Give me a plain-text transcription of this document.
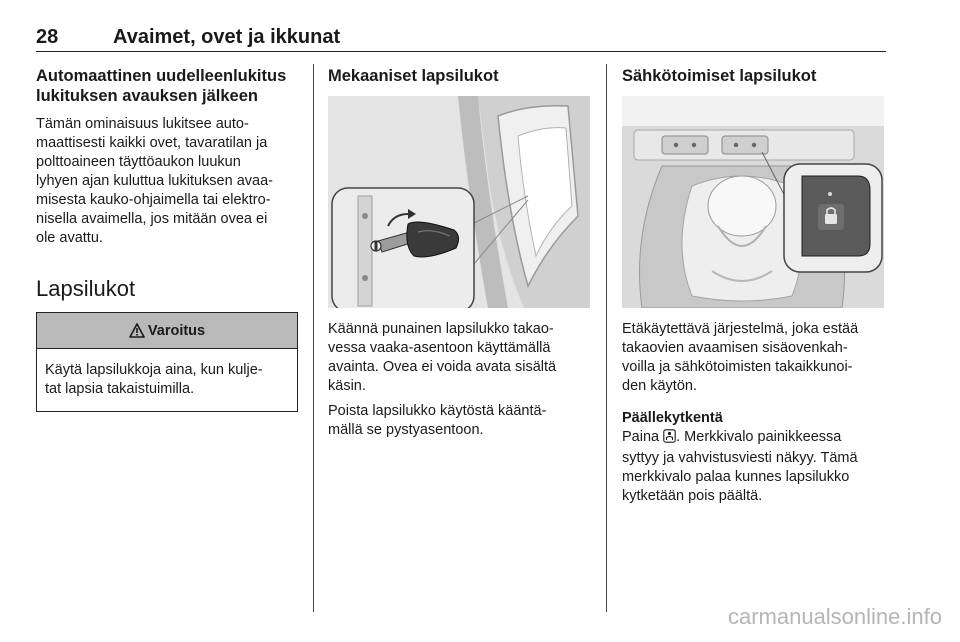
28	Avaimet, ovet ja ikkunat
Automaattinen uudelleenlukitus
lukituksen avauksen jälkeen

Tämän ominaisuus lukitsee auto-
maattisesti kaikki ovet, tavaratilan ja
polttoaineen täyttöaukon luukun
lyhyen ajan kuluttua lukituksen avaa-
misesta kauko-ohjaimella tai elektro-
nisella avaimella, jos mitään ovea ei
ole avattu.

Lapsilukot
Varoitus

Käytä lapsilukkoja aina, kun kulje-
tat lapsia takaistuimilla.

Mekaaniset lapsilukot

Käännä punainen lapsilukko takao-
vessa vaaka-asentoon käyttämällä
avainta. Ovea ei voida avata sisältä
käsin.

Poista lapsilukko käytöstä kääntä-
mällä se pystyasentoon.

Sähkötoimiset lapsilukot

Etäkäytettävä järjestelmä, joka estää
takaovien avaamisen sisäovenkah-
voilla ja sähkötoimisten takaikkunoi-
den käytön.

Päällekytkentä

Paina . Merkkivalo painikkeessa
syttyy ja vahvistusviesti näkyy. Tämä
merkkivalo palaa kunnes lapsilukko
kytketään pois päältä.

carmanualsonline.info
